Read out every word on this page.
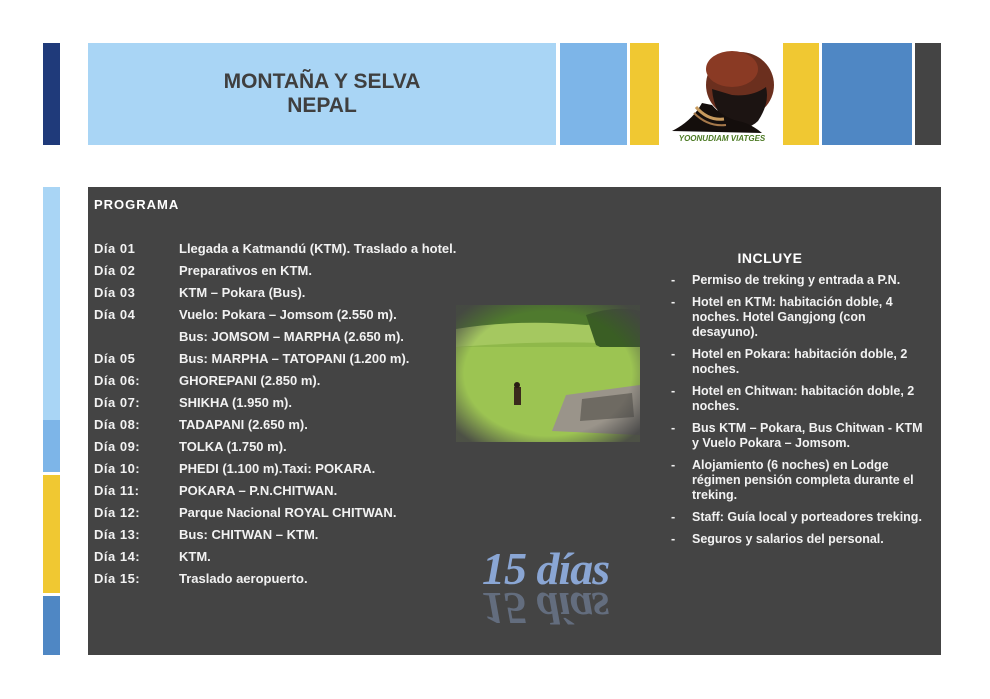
MONTAÑA Y SELVA
NEPAL
YOONUDIAM VIATGES
PROGRAMA
Día 01	Llegada a Katmandú (KTM). Traslado a hotel.
Día 02	Preparativos en KTM.
Día 03	KTM – Pokara (Bus).
Día 04	Vuelo: Pokara – Jomsom (2.550 m).
Bus: JOMSOM – MARPHA (2.650 m).
Día 05	Bus: MARPHA – TATOPANI (1.200 m).
Día 06:	GHOREPANI (2.850 m).
Día 07:	SHIKHA (1.950 m).
Día 08:	TADAPANI (2.650 m).
Día 09:	TOLKA (1.750 m).
Día 10:	PHEDI (1.100 m).Taxi: POKARA.
Día 11:	POKARA – P.N.CHITWAN.
Día 12:	Parque Nacional ROYAL CHITWAN.
Día 13:	Bus: CHITWAN – KTM.
Día 14:	KTM.
Día 15:	Traslado aeropuerto.
INCLUYE
- Permiso de treking y entrada a P.N.
- Hotel en KTM: habitación doble, 4 noches. Hotel Gangjong (con desayuno).
- Hotel en Pokara: habitación doble, 2 noches.
- Hotel en Chitwan: habitación doble, 2 noches.
- Bus KTM – Pokara, Bus Chitwan - KTM y Vuelo Pokara – Jomsom.
- Alojamiento (6 noches) en Lodge régimen pensión completa durante el treking.
- Staff: Guía local y porteadores treking.
- Seguros y salarios del personal.
15 días
15 días
